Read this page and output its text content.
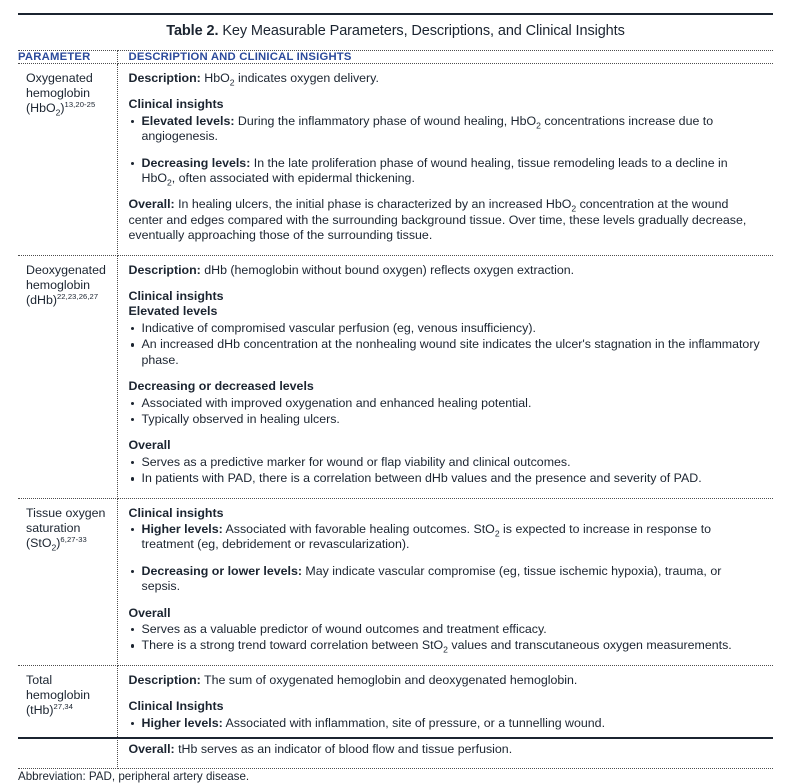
Table 2. Key Measurable Parameters, Descriptions, and Clinical Insights
PARAMETER	DESCRIPTION AND CLINICAL INSIGHTS

Oxygenated
hemoglobin
$(HbO_2)^{13,20-25}$

Description: HbO$_2$ indicates oxygen delivery.
Clinical insights
Elevated levels: During the inflammatory phase of wound healing, HbO$_2$ concentrations increase due to angiogenesis.
Decreasing levels: In the late proliferation phase of wound healing, tissue remodeling leads to a decline in HbO$_2$, often associated with epidermal thickening.
Overall: In healing ulcers, the initial phase is characterized by an increased HbO$_2$ concentration at the wound center and edges compared with the surrounding background tissue. Over time, these levels gradually decrease, eventually approaching those of the surrounding tissue.

Deoxygenated
hemoglobin
(dHb)$^{22,23,26,27}$

Description: dHb (hemoglobin without bound oxygen) reflects oxygen extraction.
Clinical insights
Elevated levels
Indicative of compromised vascular perfusion (eg, venous insufficiency).
An increased dHb concentration at the nonhealing wound site indicates the ulcer's stagnation in the inflammatory phase.
Decreasing or decreased levels
Associated with improved oxygenation and enhanced healing potential.
Typically observed in healing ulcers.
Overall
Serves as a predictive marker for wound or flap viability and clinical outcomes.
In patients with PAD, there is a correlation between dHb values and the presence and severity of PAD.

Tissue oxygen
saturation
$(StO_2)^{6,27-33}$

Clinical insights
Higher levels: Associated with favorable healing outcomes. StO$_2$ is expected to increase in response to treatment (eg, debridement or revascularization).
Decreasing or lower levels: May indicate vascular compromise (eg, tissue ischemic hypoxia), trauma, or sepsis.
Overall
Serves as a valuable predictor of wound outcomes and treatment efficacy.
There is a strong trend toward correlation between StO$_2$ values and transcutaneous oxygen measurements.

Total hemoglobin
(tHb)$^{27,34}$

Description: The sum of oxygenated hemoglobin and deoxygenated hemoglobin.
Clinical Insights
Higher levels: Associated with inflammation, site of pressure, or a tunnelling wound.
Overall: tHb serves as an indicator of blood flow and tissue perfusion.

Abbreviation: PAD, peripheral artery disease.	
